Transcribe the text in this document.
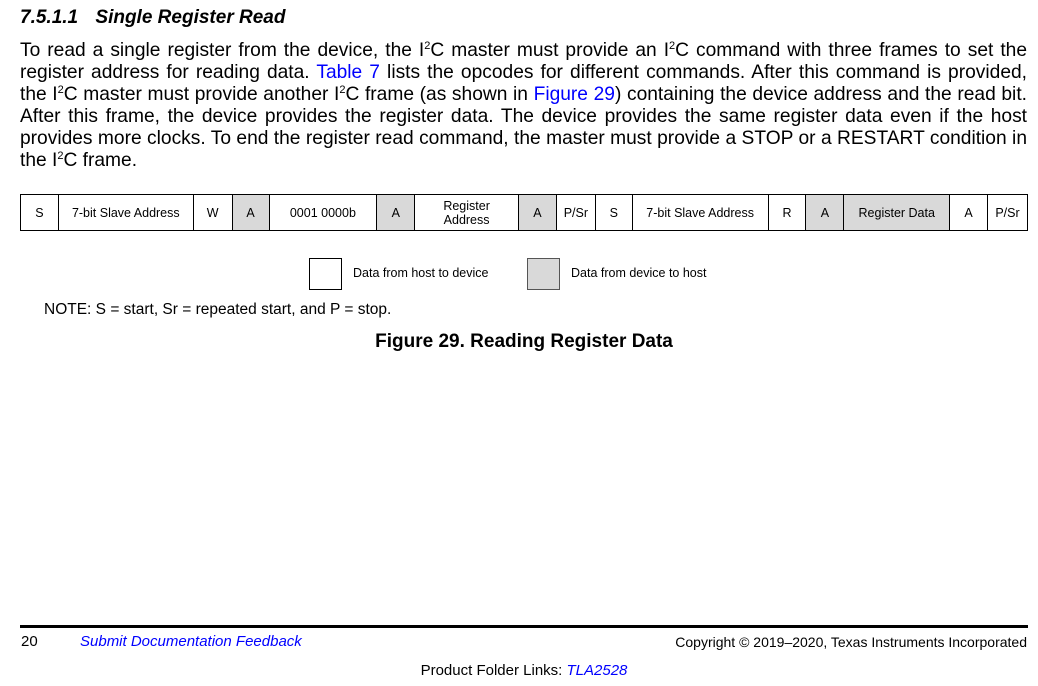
7.5.1.1 Single Register Read
To read a single register from the device, the $I^2C$ master must provide an $I^2C$ command with three frames to set the register address for reading data. Table 7 lists the opcodes for different commands. After this command is provided, the $I^2C$ master must provide another $I^2C$ frame (as shown in Figure 29) containing the device address and the read bit. After this frame, the device provides the register data. The device provides the same register data even if the host provides more clocks. To end the register read command, the master must provide a STOP or a RESTART condition in the $I^2C$ frame.
S 7-bit Slave Address W A	0001 0000b	A	Register Address	A P/Sr S 7-bit Slave Address R A Register Data A P/Sr
Data from host to device	Data from device to host
NOTE: S = start, Sr = repeated start, and P = stop.
Figure 29. Reading Register Data
20	Submit Documentation Feedback	Copyright © 2019–2020, Texas Instruments Incorporated
Product Folder Links: TLA2528
